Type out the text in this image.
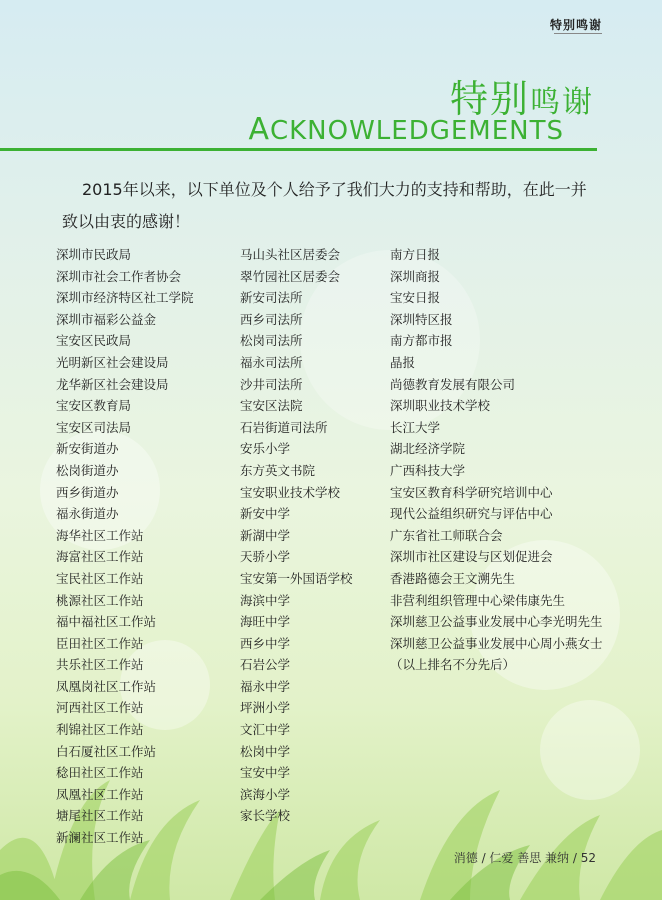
特别鸣谢
特别鸣谢
ACKNOWLEDGEMENTS
2015年以来，以下单位及个人给予了我们大力的支持和帮助，在此一并致以由衷的感谢！
深圳市民政局
深圳市社会工作者协会
深圳市经济特区社工学院
深圳市福彩公益金
宝安区民政局
光明新区社会建设局
龙华新区社会建设局
宝安区教育局
宝安区司法局
新安街道办
松岗街道办
西乡街道办
福永街道办
海华社区工作站
海富社区工作站
宝民社区工作站
桃源社区工作站
福中福社区工作站
臣田社区工作站
共乐社区工作站
凤凰岗社区工作站
河西社区工作站
利锦社区工作站
白石厦社区工作站
稔田社区工作站
凤凰社区工作站
塘尾社区工作站
新澜社区工作站
马山头社区居委会
翠竹园社区居委会
新安司法所
西乡司法所
松岗司法所
福永司法所
沙井司法所
宝安区法院
石岩街道司法所
安乐小学
东方英文书院
宝安职业技术学校
新安中学
新湖中学
天骄小学
宝安第一外国语学校
海滨中学
海旺中学
西乡中学
石岩公学
福永中学
坪洲小学
文汇中学
松岗中学
宝安中学
滨海小学
家长学校
南方日报
深圳商报
宝安日报
深圳特区报
南方都市报
晶报
尚德教育发展有限公司
深圳职业技术学校
长江大学
湖北经济学院
广西科技大学
宝安区教育科学研究培训中心
现代公益组织研究与评估中心
广东省社工师联合会
深圳市社区建设与区划促进会
香港路德会王文溯先生
非营利组织管理中心梁伟康先生
深圳慈卫公益事业发展中心李光明先生
深圳慈卫公益事业发展中心周小燕女士
（以上排名不分先后）
消德 / 仁爱 善思 兼纳 / 52
